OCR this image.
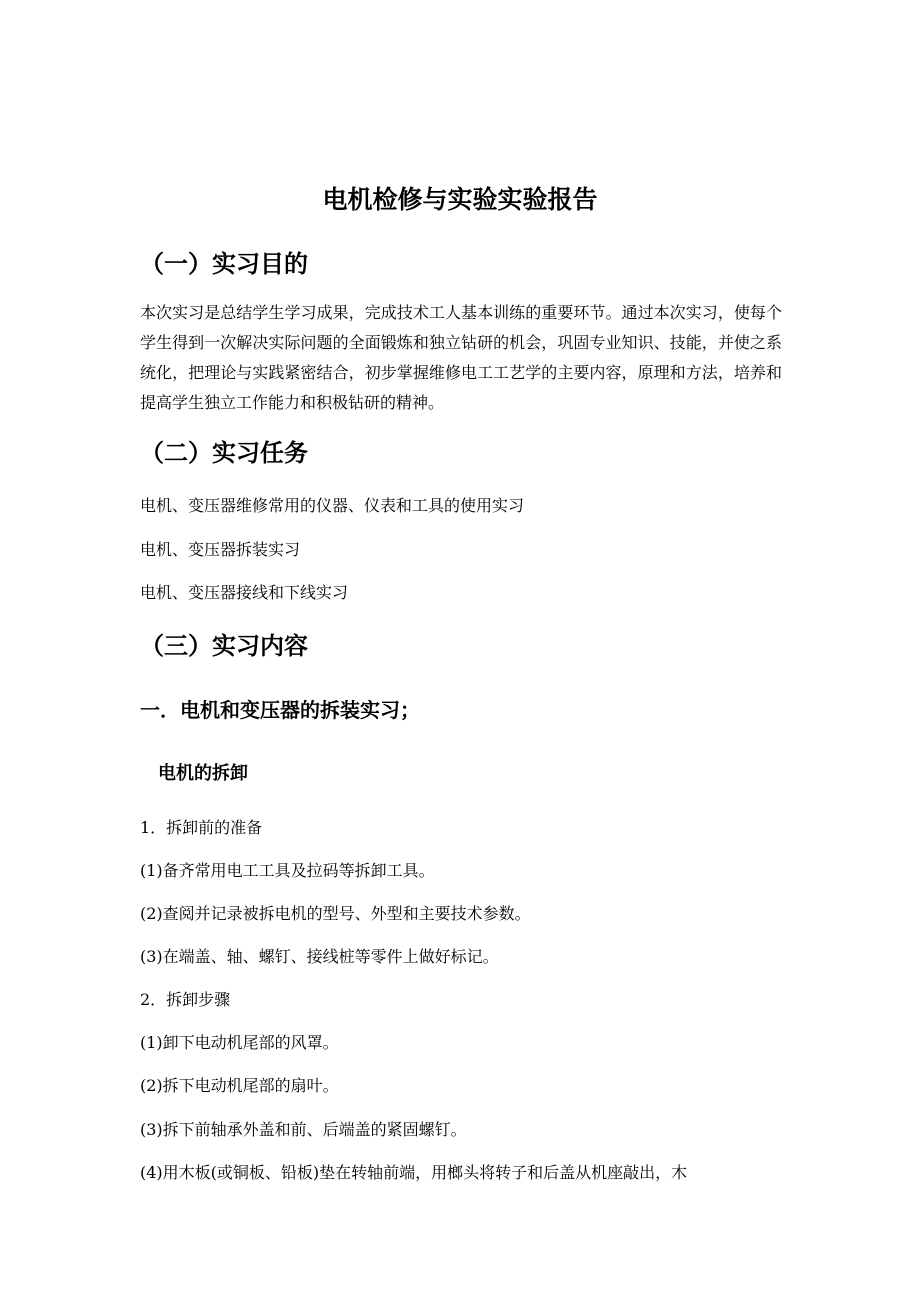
电机检修与实验实验报告
（一）实习目的

本次实习是总结学生学习成果，完成技术工人基本训练的重要环节。通过本次实习，使每个学生得到一次解决实际问题的全面锻炼和独立钻研的机会，巩固专业知识、技能，并使之系统化，把理论与实践紧密结合，初步掌握维修电工工艺学的主要内容，原理和方法，培养和提高学生独立工作能力和积极钻研的精神。

（二）实习任务
电机、变压器维修常用的仪器、仪表和工具的使用实习
电机、变压器拆装实习
电机、变压器接线和下线实习
（三）实习内容
一．电机和变压器的拆装实习；
电机的拆卸
1．拆卸前的准备
(1)备齐常用电工工具及拉码等拆卸工具。
(2)查阅并记录被拆电机的型号、外型和主要技术参数。
(3)在端盖、轴、螺钉、接线桩等零件上做好标记。
2．拆卸步骤
(1)卸下电动机尾部的风罩。
(2)拆下电动机尾部的扇叶。
(3)拆下前轴承外盖和前、后端盖的紧固螺钉。
(4)用木板(或铜板、铅板)垫在转轴前端，用榔头将转子和后盖从机座敲出，木
